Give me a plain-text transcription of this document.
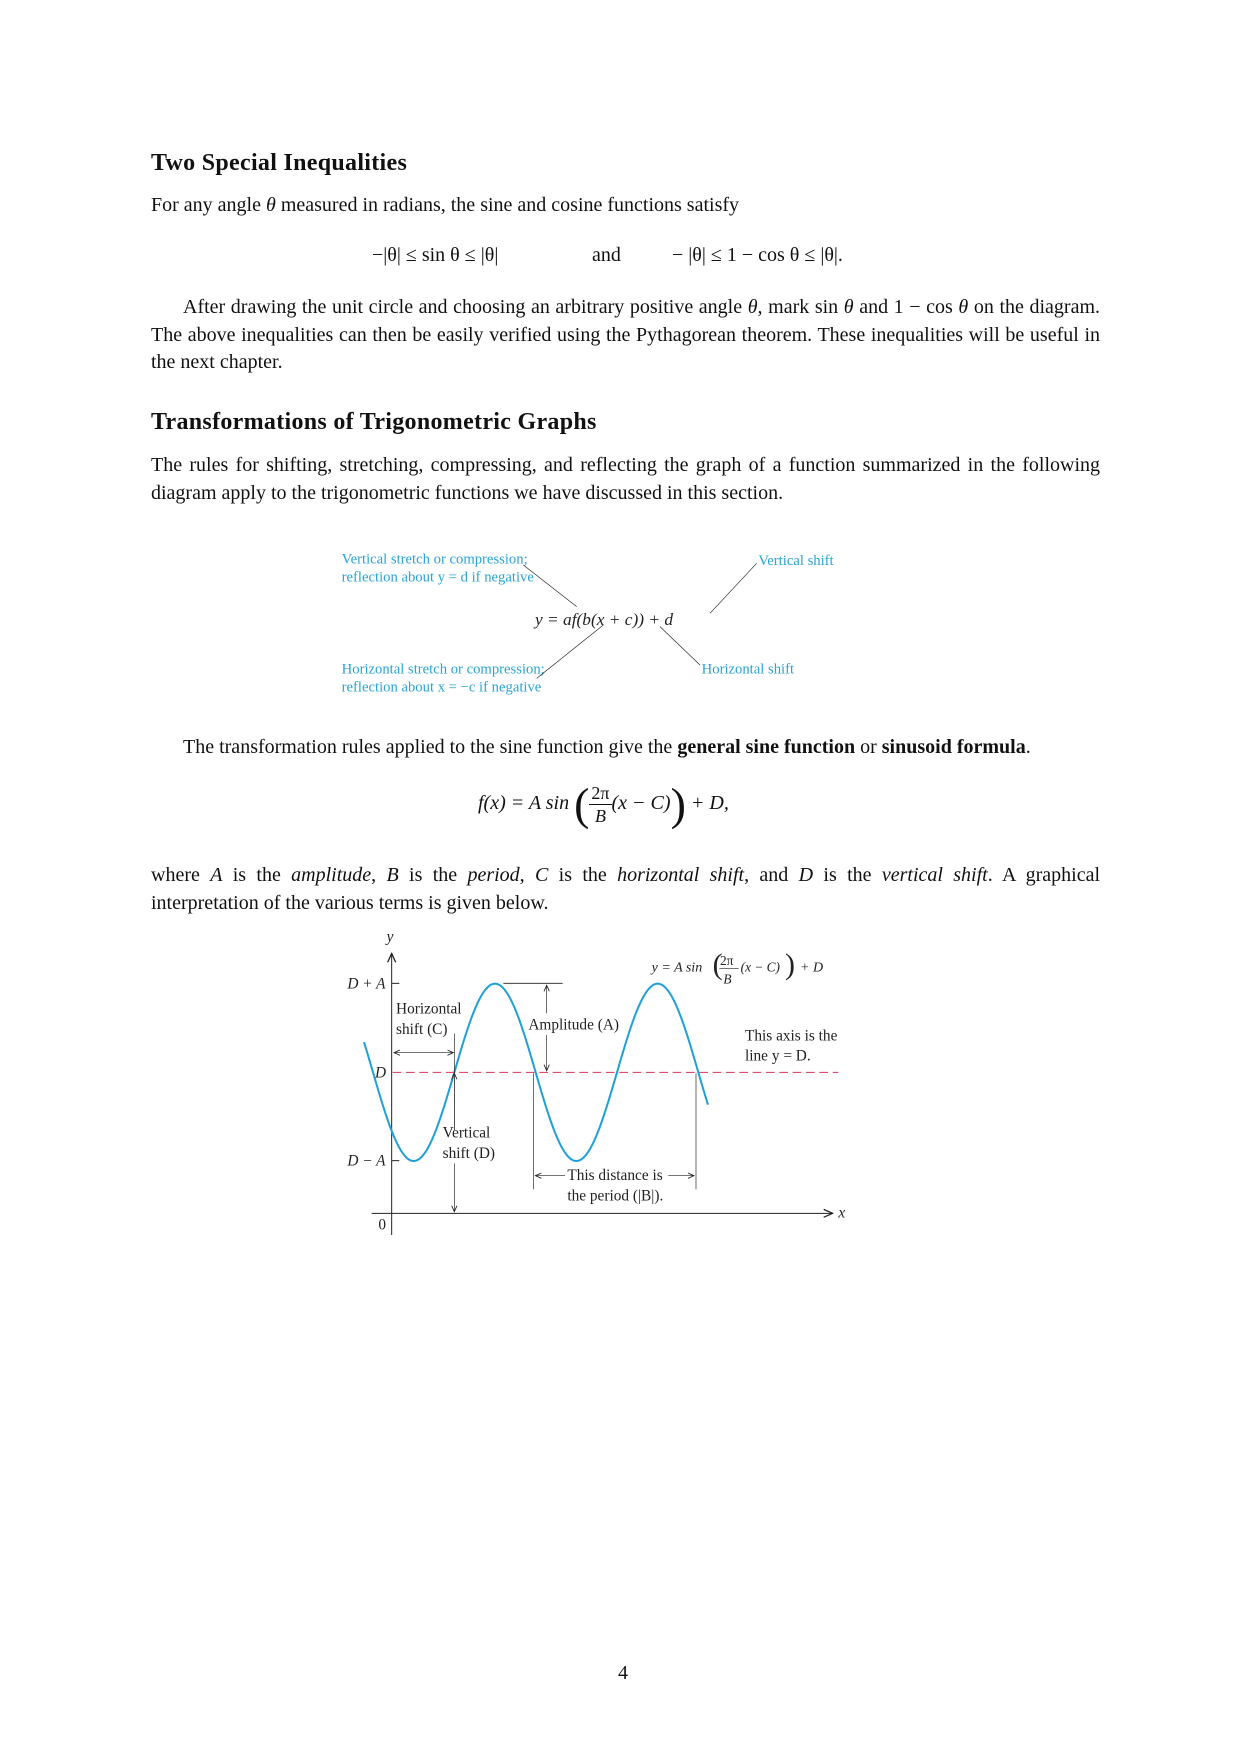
Two Special Inequalities
For any angle θ measured in radians, the sine and cosine functions satisfy
−|θ| ≤ sin θ ≤ |θ|	and	− |θ| ≤ 1 − cos θ ≤ |θ|.
After drawing the unit circle and choosing an arbitrary positive angle θ, mark sin θ and 1 − cos θ on the diagram. The above inequalities can then be easily verified using the Pythagorean theorem. These inequalities will be useful in the next chapter.
Transformations of Trigonometric Graphs
The rules for shifting, stretching, compressing, and reflecting the graph of a function summarized in the following diagram apply to the trigonometric functions we have discussed in this section.
Vertical stretch or compression;
reflection about y = d if negative
Vertical shift
Horizontal stretch or compression;
reflection about x = −c if negative
Horizontal shift
y = af(b(x + c)) + d
The transformation rules applied to the sine function give the general sine function or sinusoid formula.
f(x) = A sin ( $\frac{2\pi}{B} (x - C)) + D$,
where A is the amplitude, B is the period, C is the horizontal shift, and D is the vertical shift. A graphical interpretation of the various terms is given below.
y
x
0
D + A
D
D − A
y = A sin (
2π
B
(x − C) ) + D
Horizontal
shift (C) Amplitude (A)
This axis is the
line y = D.
Vertical
shift (D)
This distance is
the period (|B|).
4
